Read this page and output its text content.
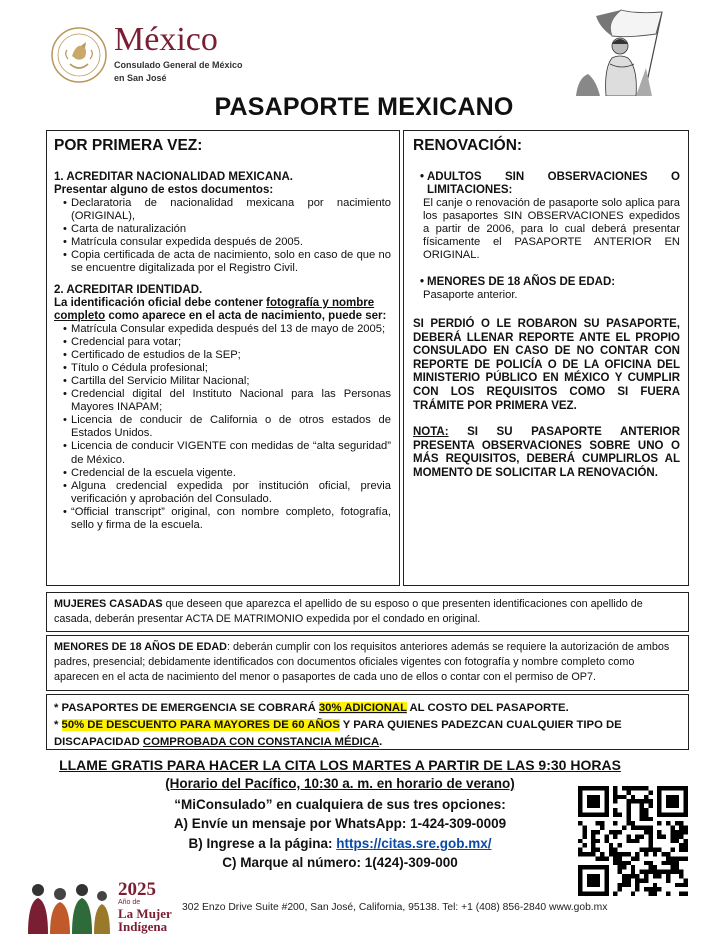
México
Consulado General de México
en San José
PASAPORTE MEXICANO
POR PRIMERA VEZ:
1. ACREDITAR NACIONALIDAD MEXICANA.
Presentar alguno de estos documentos:
• Declaratoria de nacionalidad mexicana por nacimiento (ORIGINAL),
• Carta de naturalización
• Matrícula consular expedida después de 2005.
• Copia certificada de acta de nacimiento, solo en caso de que no se encuentre digitalizada por el Registro Civil.
2. ACREDITAR IDENTIDAD.
La identificación oficial debe contener fotografía y nombre completo como aparece en el acta de nacimiento, puede ser:
• Matrícula Consular expedida después del 13 de mayo de 2005;
• Credencial para votar;
• Certificado de estudios de la SEP;
• Título o Cédula profesional;
• Cartilla del Servicio Militar Nacional;
• Credencial digital del Instituto Nacional para las Personas Mayores INAPAM;
• Licencia de conducir de California o de otros estados de Estados Unidos.
• Licencia de conducir VIGENTE con medidas de “alta seguridad” de México.
• Credencial de la escuela vigente.
• Alguna credencial expedida por institución oficial, previa verificación y aprobación del Consulado.
• “Official transcript” original, con nombre completo, fotografía, sello y firma de la escuela.
RENOVACIÓN:
• ADULTOS SIN OBSERVACIONES O LIMITACIONES:
El canje o renovación de pasaporte solo aplica para los pasaportes SIN OBSERVACIONES expedidos a partir de 2006, para lo cual deberá presentar físicamente el PASAPORTE ANTERIOR EN ORIGINAL.
• MENORES DE 18 AÑOS DE EDAD:
Pasaporte anterior.
SI PERDIÓ O LE ROBARON SU PASAPORTE, DEBERÁ LLENAR REPORTE ANTE EL PROPIO CONSULADO EN CASO DE NO CONTAR CON REPORTE DE POLICÍA O DE LA OFICINA DEL MINISTERIO PÚBLICO EN MÉXICO Y CUMPLIR CON LOS REQUISITOS COMO SI FUERA TRÁMITE POR PRIMERA VEZ.
NOTA: SI SU PASAPORTE ANTERIOR PRESENTA OBSERVACIONES SOBRE UNO O MÁS REQUISITOS, DEBERÁ CUMPLIRLOS AL MOMENTO DE SOLICITAR LA RENOVACIÓN.
MUJERES CASADAS que deseen que aparezca el apellido de su esposo o que presenten identificaciones con apellido de casada, deberán presentar ACTA DE MATRIMONIO expedida por el condado en original.
MENORES DE 18 AÑOS DE EDAD: deberán cumplir con los requisitos anteriores además se requiere la autorización de ambos padres, presencial; debidamente identificados con documentos oficiales vigentes con fotografía y nombre completo como aparecen en el acta de nacimiento del menor o pasaportes de cada uno de ellos o contar con el permiso de OP7.
* PASAPORTES DE EMERGENCIA SE COBRARÁ 30% ADICIONAL AL COSTO DEL PASAPORTE.
* 50% DE DESCUENTO PARA MAYORES DE 60 AÑOS Y PARA QUIENES PADEZCAN CUALQUIER TIPO DE DISCAPACIDAD COMPROBADA CON CONSTANCIA MÉDICA.
LLAME GRATIS PARA HACER LA CITA LOS MARTES A PARTIR DE LAS 9:30 HORAS
(Horario del Pacífico, 10:30 a. m. en horario de verano)
“MiConsulado” en cualquiera de sus tres opciones:
A) Envíe un mensaje por WhatsApp: 1-424-309-0009
B) Ingrese a la página: https://citas.sre.gob.mx/
C) Marque al número: 1(424)-309-000
2025
Año de
La Mujer
Indígena
302 Enzo Drive Suite #200, San José, California, 95138. Tel: +1 (408) 856-2840 www.gob.mx
